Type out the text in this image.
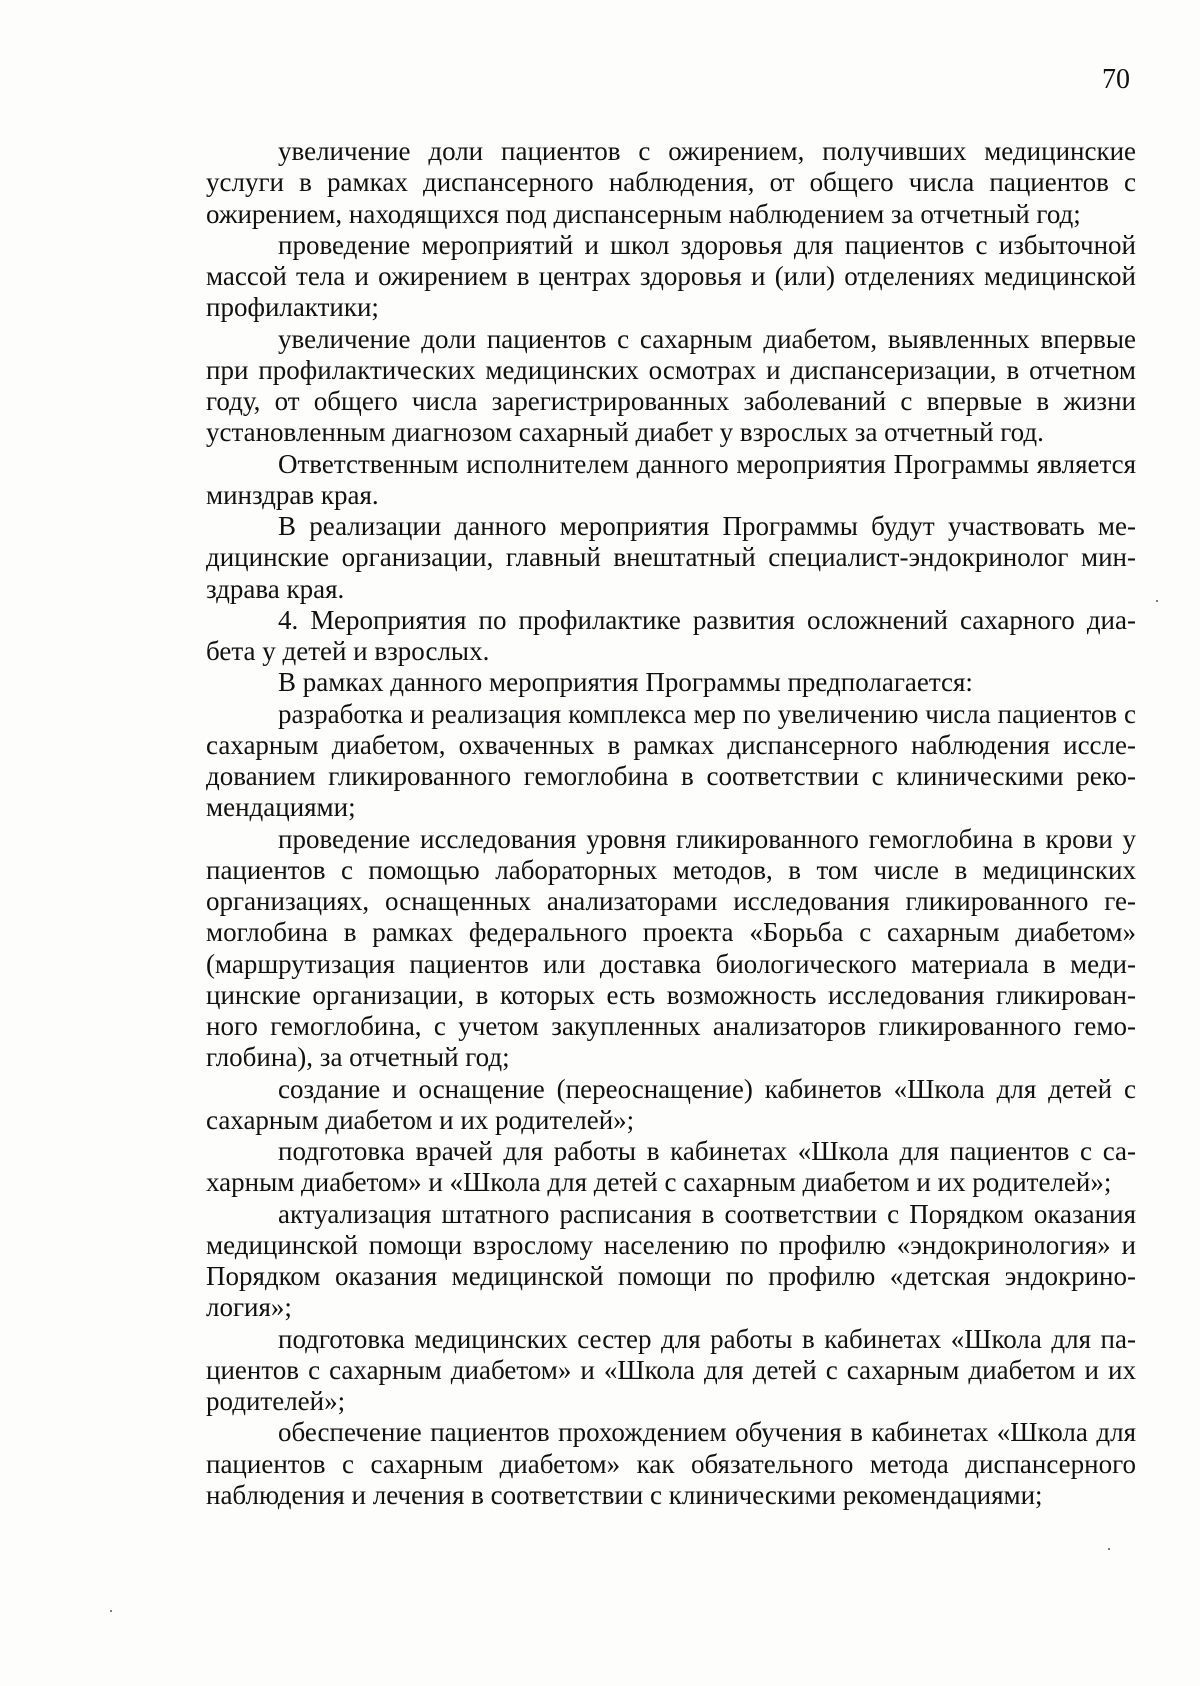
70

увеличение доли пациентов с ожирением, получивших медицинские услуги в рамках диспансерного наблюдения, от общего числа пациентов с ожирением, находящихся под диспансерным наблюдением за отчетный год;

проведение мероприятий и школ здоровья для пациентов с избыточной массой тела и ожирением в центрах здоровья и (или) отделениях медицинской профилактики;

увеличение доли пациентов с сахарным диабетом, выявленных впервые при профилактических медицинских осмотрах и диспансеризации, в отчетном году, от общего числа зарегистрированных заболеваний с впервые в жизни установленным диагнозом сахарный диабет у взрослых за отчетный год.

Ответственным исполнителем данного мероприятия Программы является минздрав края.

В реализации данного мероприятия Программы будут участвовать медицинские организации, главный внештатный специалист-эндокринолог минздрава края.

4. Мероприятия по профилактике развития осложнений сахарного диабета у детей и взрослых.

В рамках данного мероприятия Программы предполагается:

разработка и реализация комплекса мер по увеличению числа пациентов с сахарным диабетом, охваченных в рамках диспансерного наблюдения исследованием гликированного гемоглобина в соответствии с клиническими рекомендациями;

проведение исследования уровня гликированного гемоглобина в крови у пациентов с помощью лабораторных методов, в том числе в медицинских организациях, оснащенных анализаторами исследования гликированного гемоглобина в рамках федерального проекта «Борьба с сахарным диабетом» (маршрутизация пациентов или доставка биологического материала в медицинские организации, в которых есть возможность исследования гликированного гемоглобина, с учетом закупленных анализаторов гликированного гемоглобина), за отчетный год;

создание и оснащение (переоснащение) кабинетов «Школа для детей с сахарным диабетом и их родителей»;

подготовка врачей для работы в кабинетах «Школа для пациентов с сахарным диабетом» и «Школа для детей с сахарным диабетом и их родителей»;

актуализация штатного расписания в соответствии с Порядком оказания медицинской помощи взрослому населению по профилю «эндокринология» и Порядком оказания медицинской помощи по профилю «детская эндокринология»;

подготовка медицинских сестер для работы в кабинетах «Школа для пациентов с сахарным диабетом» и «Школа для детей с сахарным диабетом и их родителей»;

обеспечение пациентов прохождением обучения в кабинетах «Школа для пациентов с сахарным диабетом» как обязательного метода диспансерного наблюдения и лечения в соответствии с клиническими рекомендациями;
